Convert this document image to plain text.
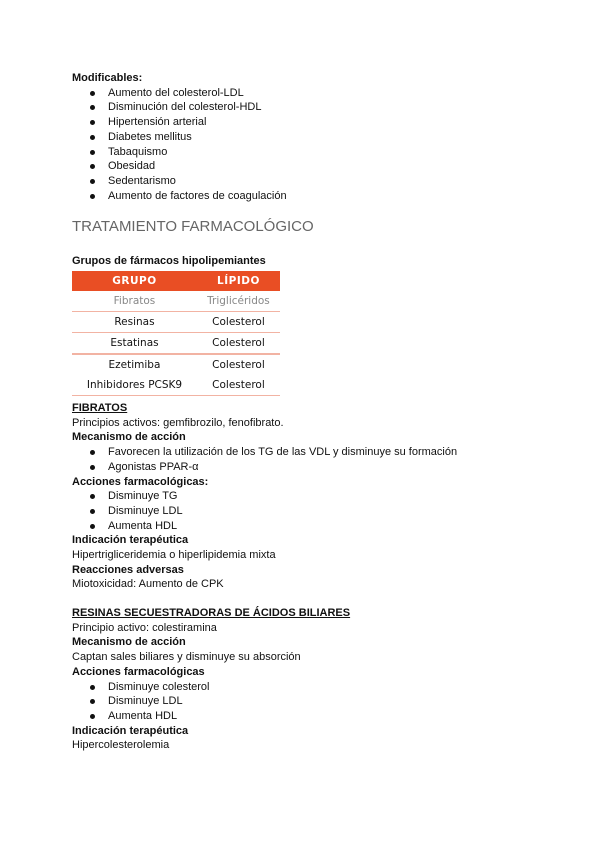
Modificables:
Aumento del colesterol-LDL
Disminución del colesterol-HDL
Hipertensión arterial
Diabetes mellitus
Tabaquismo
Obesidad
Sedentarismo
Aumento de factores de coagulación
TRATAMIENTO FARMACOLÓGICO
Grupos de fármacos hipolipemiantes
GRUPO	LÍPIDO
Fibratos	Triglicéridos
Resinas	Colesterol
Estatinas	Colesterol
Ezetimiba	Colesterol
Inhibidores PCSK9	Colesterol
FIBRATOS
Principios activos: gemfibrozilo, fenofibrato.
Mecanismo de acción
Favorecen la utilización de los TG de las VDL y disminuye su formación
Agonistas PPAR-α
Acciones farmacológicas:
Disminuye TG
Disminuye LDL
Aumenta HDL
Indicación terapéutica
Hipertrigliceridemia o hiperlipidemia mixta
Reacciones adversas
Miotoxicidad: Aumento de CPK
RESINAS SECUESTRADORAS DE ÁCIDOS BILIARES
Principio activo: colestiramina
Mecanismo de acción
Captan sales biliares y disminuye su absorción
Acciones farmacológicas
Disminuye colesterol
Disminuye LDL
Aumenta HDL
Indicación terapéutica
Hipercolesterolemia
